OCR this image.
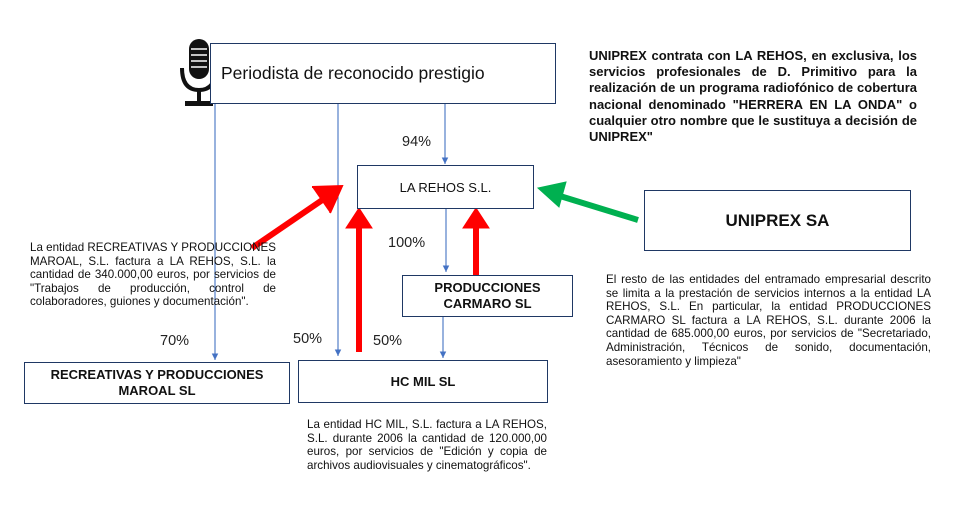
Periodista de reconocido prestigio
LA REHOS S.L.
UNIPREX SA
PRODUCCIONES CARMARO SL
HC MIL SL
RECREATIVAS Y PRODUCCIONES MAROAL SL
94%
100%
70%	50%	50%
UNIPREX contrata con LA REHOS, en exclusiva, los servicios profesionales de D. Primitivo para la realización de un programa radiofónico de cobertura nacional denominado "HERRERA EN LA ONDA" o cualquier otro nombre que le sustituya a decisión de UNIPREX"
La entidad RECREATIVAS Y PRODUCCIONES MAROAL, S.L. factura a LA REHOS, S.L. la cantidad de 340.000,00 euros, por servicios de "Trabajos de producción, control de colaboradores, guiones y documentación".
La entidad HC MIL, S.L. factura a LA REHOS, S.L. durante 2006 la cantidad de 120.000,00 euros, por servicios de "Edición y copia de archivos audiovisuales y cinematográficos".
El resto de las entidades del entramado empresarial descrito se limita a la prestación de servicios internos a la entidad LA REHOS, S.L. En particular, la entidad PRODUCCIONES CARMARO SL factura a LA REHOS, S.L. durante 2006 la cantidad de 685.000,00 euros, por servicios de "Secretariado, Administración, Técnicos de sonido, documentación, asesoramiento y limpieza"
